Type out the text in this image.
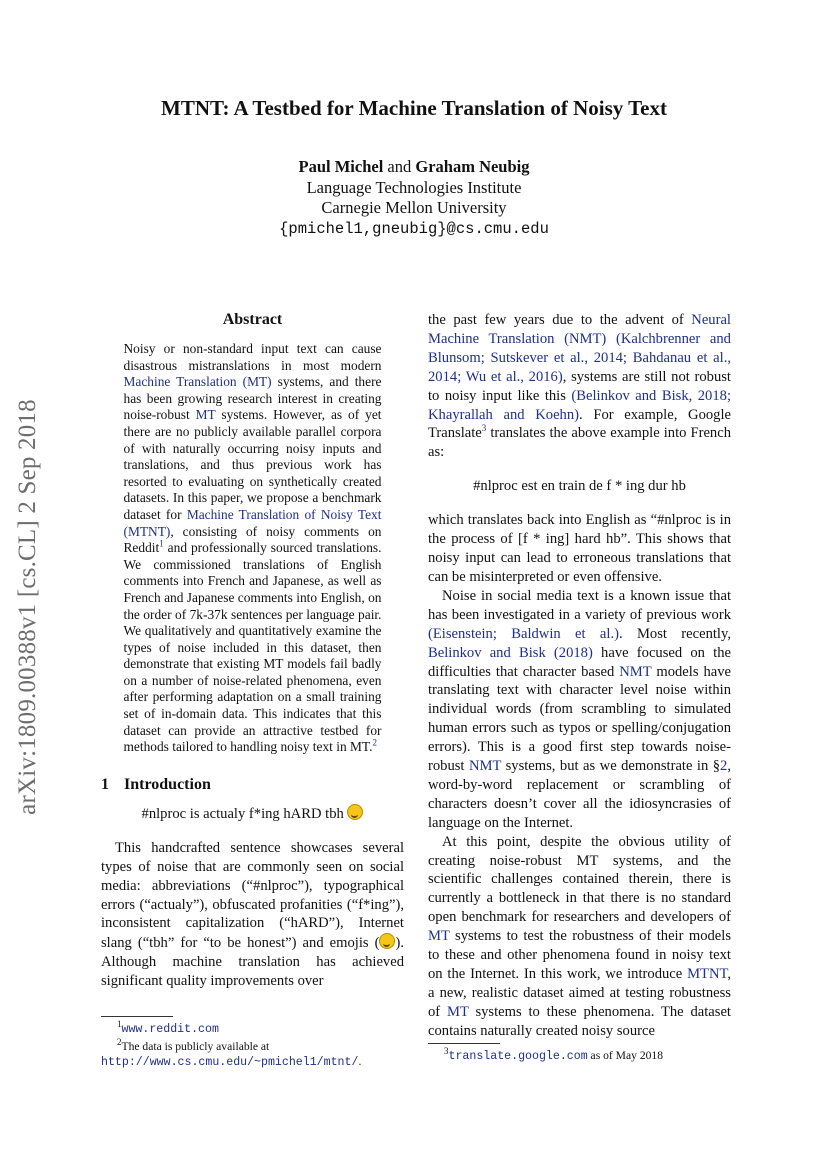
arXiv:1809.00388v1 [cs.CL] 2 Sep 2018
MTNT: A Testbed for Machine Translation of Noisy Text
Paul Michel and Graham Neubig
Language Technologies Institute
Carnegie Mellon University
{pmichel1,gneubig}@cs.cmu.edu
Abstract

Noisy or non-standard input text can cause disastrous mistranslations in most modern Machine Translation (MT) systems, and there has been growing research interest in creating noise-robust MT systems. However, as of yet there are no publicly available parallel corpora of with naturally occurring noisy inputs and translations, and thus previous work has resorted to evaluating on synthetically created datasets. In this paper, we propose a benchmark dataset for Machine Translation of Noisy Text (MTNT), consisting of noisy comments on Reddit$^1$ and professionally sourced translations. We commissioned translations of English comments into French and Japanese, as well as French and Japanese comments into English, on the order of 7k-37k sentences per language pair. We qualitatively and quantitatively examine the types of noise included in this dataset, then demonstrate that existing MT models fail badly on a number of noise-related phenomena, even after performing adaptation on a small training set of in-domain data. This indicates that this dataset can provide an attractive testbed for methods tailored to handling noisy text in MT.$^2$

1 Introduction

#nlproc is actualy f*ing hARD tbh

This handcrafted sentence showcases several types of noise that are commonly seen on social media: abbreviations (“#nlproc”), typographical errors (“actualy”), obfuscated profanities (“f*ing”), inconsistent capitalization (“hARD”), Internet slang (“tbh” for “to be honest”) and emojis ( ). Although machine translation has achieved significant quality improvements over

the past few years due to the advent of Neural Machine Translation (NMT) (Kalchbrenner and Blunsom; Sutskever et al., 2014; Bahdanau et al., 2014; Wu et al., 2016), systems are still not robust to noisy input like this (Belinkov and Bisk, 2018; Khayrallah and Koehn). For example, Google Translate$^3$ translates the above example into French as:

#nlproc est en train de f * ing dur hb

which translates back into English as “#nlproc is in the process of [f * ing] hard hb”. This shows that noisy input can lead to erroneous translations that can be misinterpreted or even offensive.

Noise in social media text is a known issue that has been investigated in a variety of previous work (Eisenstein; Baldwin et al.). Most recently, Belinkov and Bisk (2018) have focused on the difficulties that character based NMT models have translating text with character level noise within individual words (from scrambling to simulated human errors such as typos or spelling/conjugation errors). This is a good first step towards noise-robust NMT systems, but as we demonstrate in §2, word-by-word replacement or scrambling of characters doesn’t cover all the idiosyncrasies of language on the Internet.

At this point, despite the obvious utility of creating noise-robust MT systems, and the scientific challenges contained therein, there is currently a bottleneck in that there is no standard open benchmark for researchers and developers of MT systems to test the robustness of their models to these and other phenomena found in noisy text on the Internet. In this work, we introduce MTNT, a new, realistic dataset aimed at testing robustness of MT systems to these phenomena. The dataset contains naturally created noisy source

$^1$www.reddit.com

$^2$The data is publicly available at http://www.cs.cmu.edu/~pmichel1/mtnt/.

$^3$translate.google.com as of May 2018
